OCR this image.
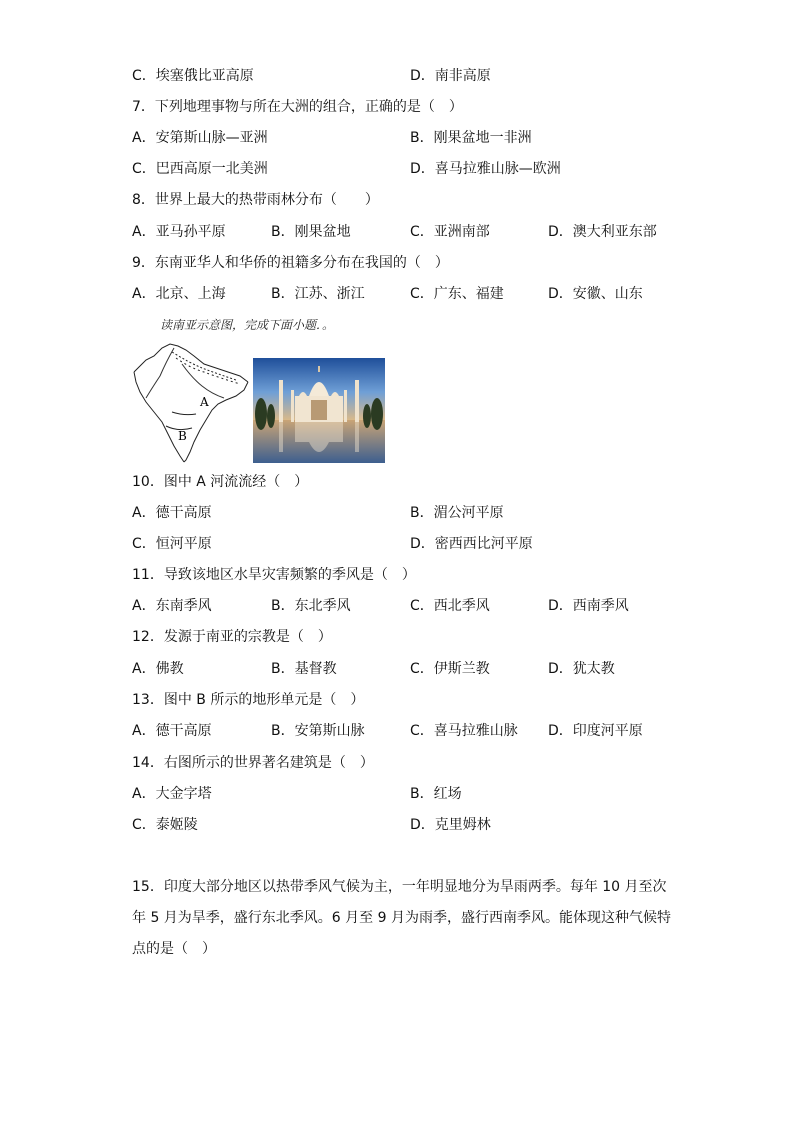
C．埃塞俄比亚高原	D．南非高原
7．下列地理事物与所在大洲的组合，正确的是（　）
A．安第斯山脉—亚洲	B．刚果盆地一非洲
C．巴西高原一北美洲	D．喜马拉雅山脉—欧洲
8．世界上最大的热带雨林分布（　　）
A．亚马孙平原	B．刚果盆地	C．亚洲南部	D．澳大利亚东部
9．东南亚华人和华侨的祖籍多分布在我国的（　）
A．北京、上海	B．江苏、浙江	C．广东、福建	D．安徽、山东
读南亚示意图，完成下面小题．。
A
B
10．图中 A 河流流经（　）
A．德干高原	B．湄公河平原
C．恒河平原	D．密西西比河平原
11．导致该地区水旱灾害频繁的季风是（　）
A．东南季风	B．东北季风	C．西北季风	D．西南季风
12．发源于南亚的宗教是（　）
A．佛教	B．基督教	C．伊斯兰教	D．犹太教
13．图中 B 所示的地形单元是（　）
A．德干高原	B．安第斯山脉	C．喜马拉雅山脉 D．印度河平原
14．右图所示的世界著名建筑是（　）
A．大金字塔	B．红场
C．泰姬陵	D．克里姆林
15．印度大部分地区以热带季风气候为主，一年明显地分为旱雨两季。每年 10 月至次
年 5 月为旱季，盛行东北季风。6 月至 9 月为雨季，盛行西南季风。能体现这种气候特
点的是（　）
